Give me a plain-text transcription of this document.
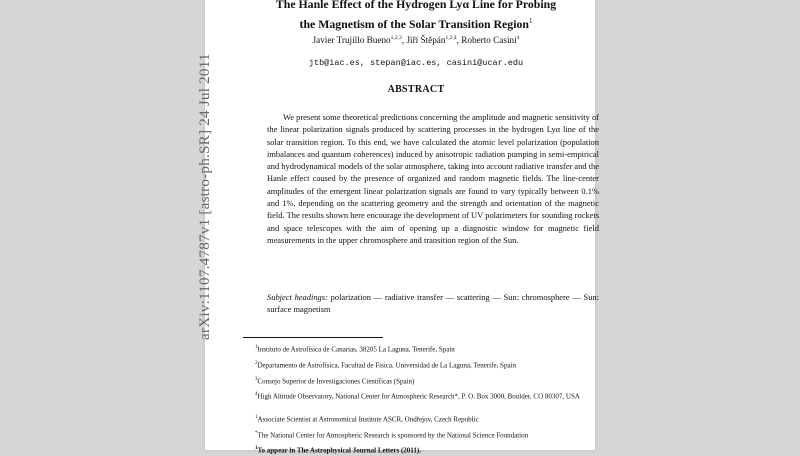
arXiv:1107.4787v1 [astro-ph.SR] 24 Jul 2011
The Hanle Effect of the Hydrogen Lyα Line for Probing
the Magnetism of the Solar Transition Region$^1$
Javier Trujillo Bueno$^{1,2,3}$, Jiří Štěpán$^{1,2,4}$, Roberto Casini$^4$
jtb@iac.es, stepan@iac.es, casini@ucar.edu
ABSTRACT
We present some theoretical predictions concerning the amplitude and magnetic sensitivity of the linear polarization signals produced by scattering processes in the hydrogen Lyα line of the solar transition region. To this end, we have calculated the atomic level polarization (population imbalances and quantum coherences) induced by anisotropic radiation pumping in semi-empirical and hydrodynamical models of the solar atmosphere, taking into account radiative transfer and the Hanle effect caused by the presence of organized and random magnetic fields. The line-center amplitudes of the emergent linear polarization signals are found to vary typically between 0.1% and 1%, depending on the scattering geometry and the strength and orientation of the magnetic field. The results shown here encourage the development of UV polarimeters for sounding rockets and space telescopes with the aim of opening up a diagnostic window for magnetic field measurements in the upper chromosphere and transition region of the Sun.
Subject headings: polarization — radiative transfer — scattering — Sun: chromosphere — Sun: surface magnetism
$^1$Instituto de Astrofísica de Canarias, 38205 La Laguna, Tenerife, Spain
$^2$Departamento de Astrofísica, Facultad de Física, Universidad de La Laguna, Tenerife, Spain
$^3$Consejo Superior de Investigaciones Científicas (Spain)
$^4$High Altitude Observatory, National Center for Atmospheric Research*, P. O. Box 3000, Boulder, CO 80307, USA
$^1$Associate Scientist at Astronomical Institute ASCR, Ondřejov, Czech Republic
*The National Center for Atmospheric Research is sponsored by the National Science Foundation
$^1$To appear in The Astrophysical Journal Letters (2011).
